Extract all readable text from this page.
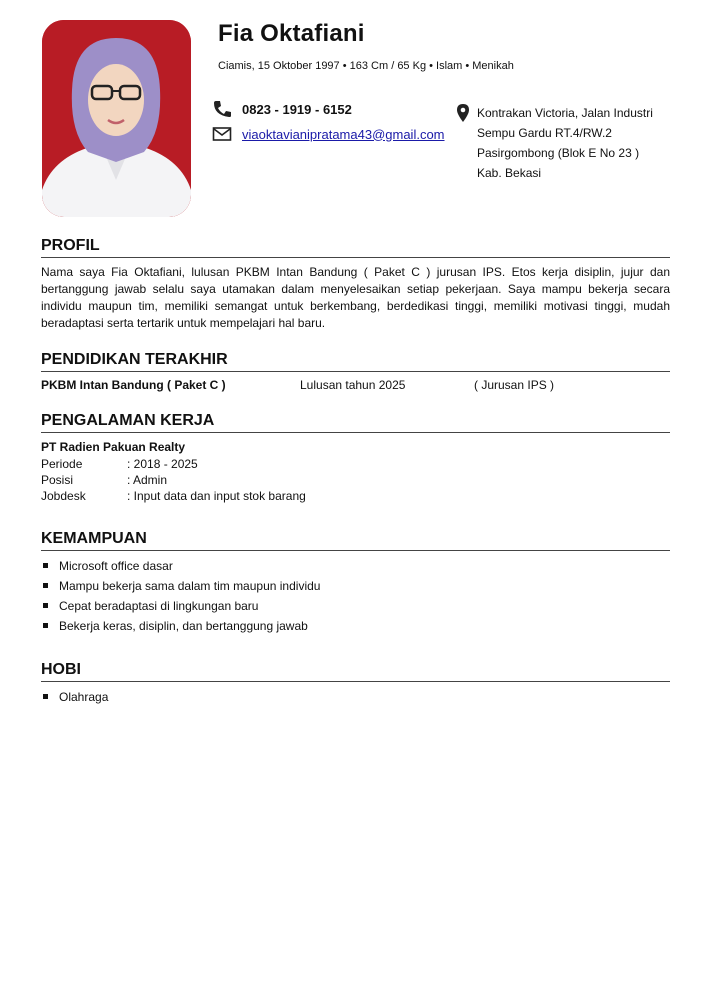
Fia Oktafiani
Ciamis, 15 Oktober 1997 • 163 Cm / 65 Kg • Islam • Menikah
0823 - 1919 - 6152
viaoktavianipratama43@gmail.com
Kontrakan Victoria, Jalan Industri
Sempu Gardu RT.4/RW.2
Pasirgombong (Blok E No 23 )
Kab. Bekasi
PROFIL
Nama saya Fia Oktafiani, lulusan PKBM Intan Bandung ( Paket C ) jurusan IPS. Etos kerja disiplin, jujur dan bertanggung jawab selalu saya utamakan dalam menyelesaikan setiap pekerjaan. Saya mampu bekerja secara individu maupun tim, memiliki semangat untuk berkembang, berdedikasi tinggi, memiliki motivasi tinggi, mudah beradaptasi serta tertarik untuk mempelajari hal baru.
PENDIDIKAN TERAKHIR
PKBM Intan Bandung ( Paket C )	Lulusan tahun 2025	( Jurusan IPS )
PENGALAMAN KERJA
PT Radien Pakuan Realty
Periode	: 2018 - 2025
Posisi	: Admin
Jobdesk	: Input data dan input stok barang
KEMAMPUAN
Microsoft office dasar
Mampu bekerja sama dalam tim maupun individu
Cepat beradaptasi di lingkungan baru
Bekerja keras, disiplin, dan bertanggung jawab
HOBI
Olahraga
